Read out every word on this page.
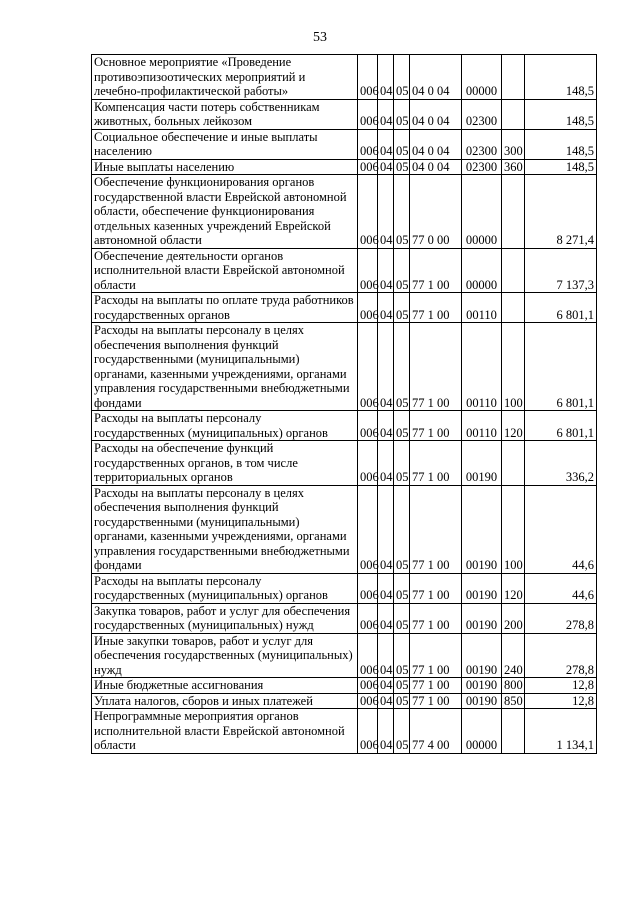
53
Основное мероприятие «Проведение противоэпизоотических мероприятий и лечебно-профилактической работы»	006	04	05	04 0 04	00000		148,5
Компенсация части потерь собственникам животных, больных лейкозом	006	04	05	04 0 04	02300		148,5
Социальное обеспечение и иные выплаты населению	006	04	05	04 0 04	02300	300	148,5
Иные выплаты населению	006	04	05	04 0 04	02300	360	148,5
Обеспечение функционирования органов государственной власти Еврейской автономной области, обеспечение функционирования отдельных казенных учреждений Еврейской автономной области	006	04	05	77 0 00	00000		8 271,4
Обеспечение деятельности органов исполнительной власти Еврейской автономной области	006	04	05	77 1 00	00000		7 137,3
Расходы на выплаты по оплате труда работников государственных органов	006	04	05	77 1 00	00110		6 801,1
Расходы на выплаты персоналу в целях обеспечения выполнения функций государственными (муниципальными) органами, казенными учреждениями, органами управления государственными внебюджетными фондами	006	04	05	77 1 00	00110	100	6 801,1
Расходы на выплаты персоналу государственных (муниципальных) органов	006	04	05	77 1 00	00110	120	6 801,1
Расходы на обеспечение функций государственных органов, в том числе территориальных органов	006	04	05	77 1 00	00190		336,2
Расходы на выплаты персоналу в целях обеспечения выполнения функций государственными (муниципальными) органами, казенными учреждениями, органами управления государственными внебюджетными фондами	006	04	05	77 1 00	00190	100	44,6
Расходы на выплаты персоналу государственных (муниципальных) органов	006	04	05	77 1 00	00190	120	44,6
Закупка товаров, работ и услуг для обеспечения государственных (муниципальных) нужд	006	04	05	77 1 00	00190	200	278,8
Иные закупки товаров, работ и услуг для обеспечения государственных (муниципальных) нужд	006	04	05	77 1 00	00190	240	278,8
Иные бюджетные ассигнования	006	04	05	77 1 00	00190	800	12,8
Уплата налогов, сборов и иных платежей	006	04	05	77 1 00	00190	850	12,8
Непрограммные мероприятия органов исполнительной власти Еврейской автономной области	006	04	05	77 4 00	00000		1 134,1
